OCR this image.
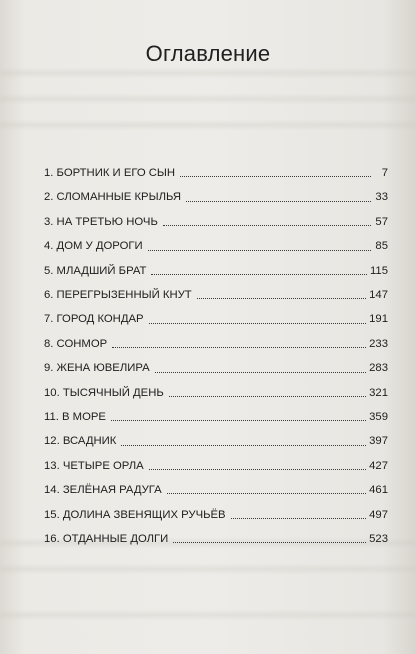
Оглавление
1. БОРТНИК И ЕГО СЫН	7
2. СЛОМАННЫЕ КРЫЛЬЯ	33
3. НА ТРЕТЬЮ НОЧЬ	57
4. ДОМ У ДОРОГИ	85
5. МЛАДШИЙ БРАТ	115
6. ПЕРЕГРЫЗЕННЫЙ КНУТ	147
7. ГОРОД КОНДАР	191
8. СОНМОР	233
9. ЖЕНА ЮВЕЛИРА	283
10. ТЫСЯЧНЫЙ ДЕНЬ	321
11. В МОРЕ	359
12. ВСАДНИК	397
13. ЧЕТЫРЕ ОРЛА	427
14. ЗЕЛЁНАЯ РАДУГА	461
15. ДОЛИНА ЗВЕНЯЩИХ РУЧЬЁВ	497
16. ОТДАННЫЕ ДОЛГИ	523
